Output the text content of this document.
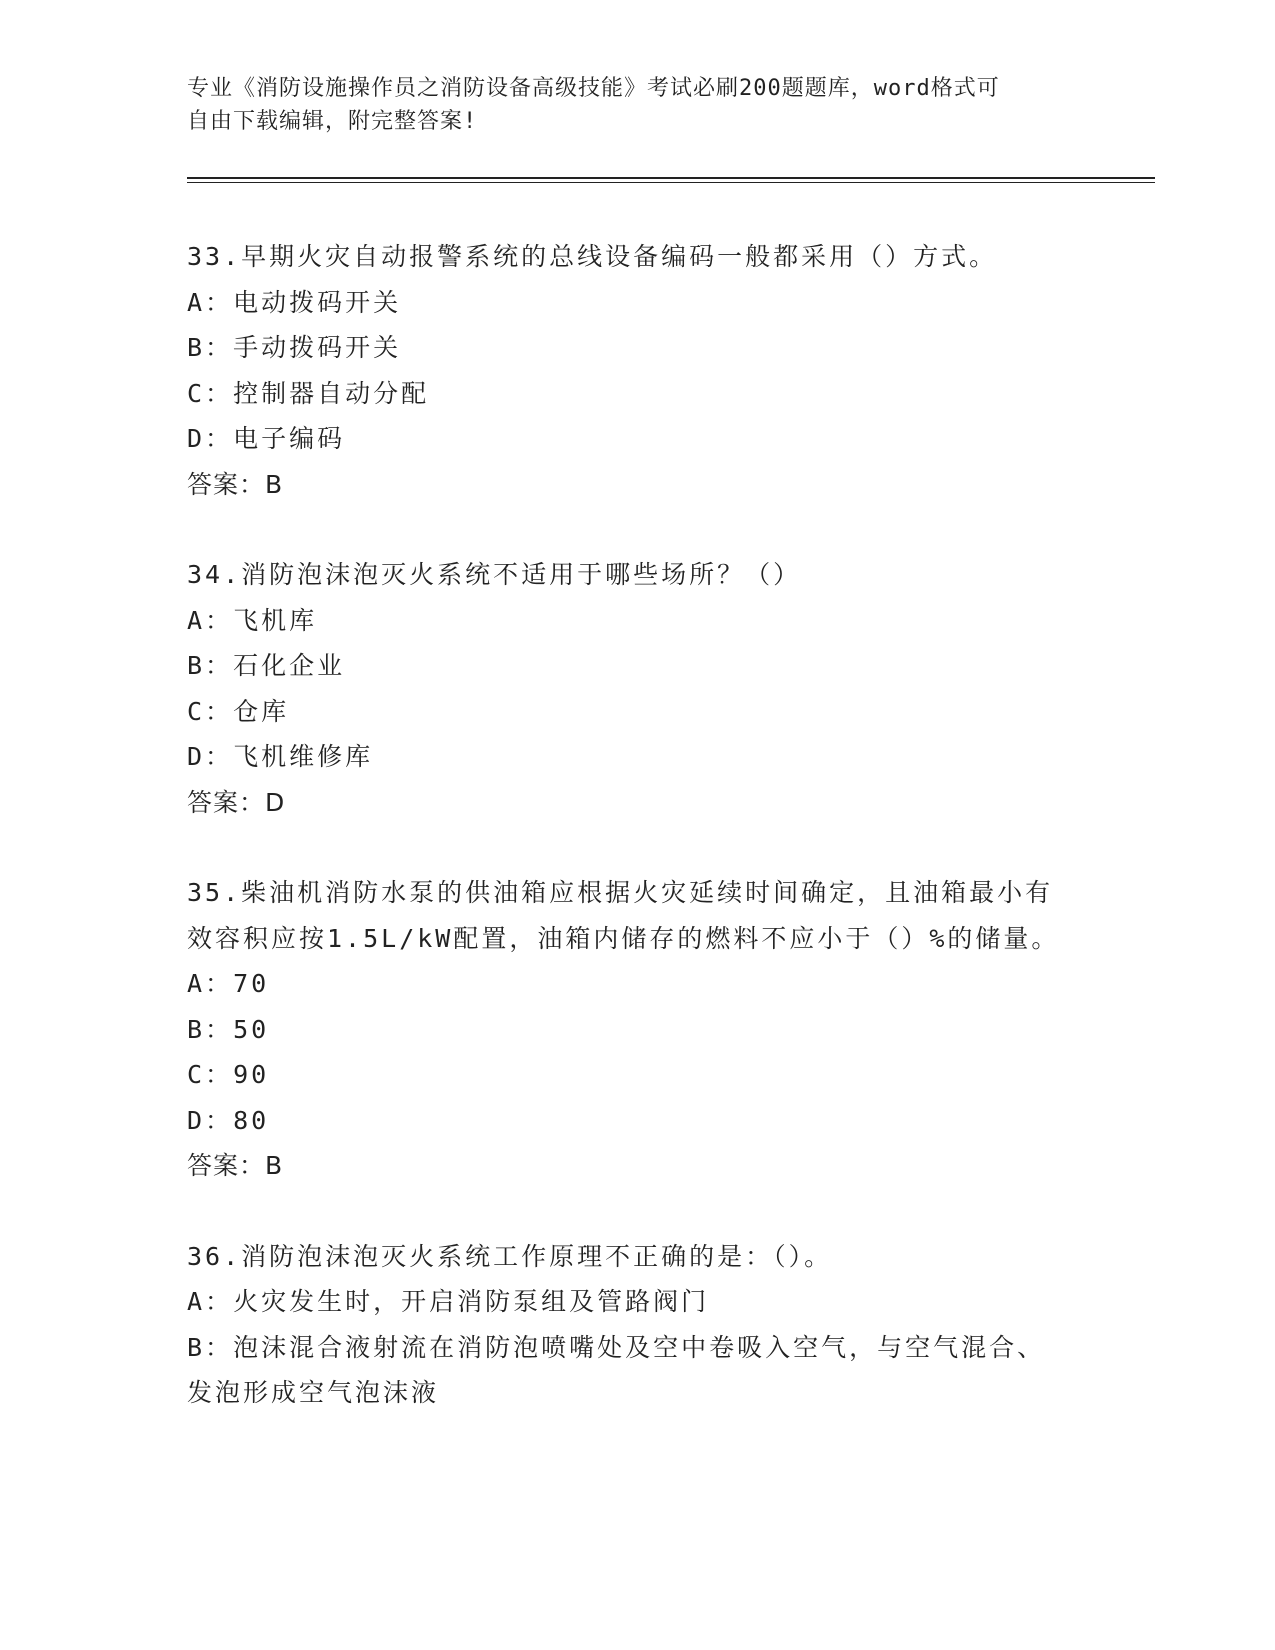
专业《消防设施操作员之消防设备高级技能》考试必刷200题题库，word格式可
自由下载编辑，附完整答案!
33.早期火灾自动报警系统的总线设备编码一般都采用（）方式。
A： 电动拨码开关
B： 手动拨码开关
C： 控制器自动分配
D： 电子编码
答案：B
34.消防泡沫泡灭火系统不适用于哪些场所？（）
A： 飞机库
B： 石化企业
C： 仓库
D： 飞机维修库
答案：D
35.柴油机消防水泵的供油箱应根据火灾延续时间确定，且油箱最小有
效容积应按1.5L/kW配置，油箱内储存的燃料不应小于（）%的储量。
A： 70
B： 50
C： 90
D： 80
答案：B
36.消防泡沫泡灭火系统工作原理不正确的是：（）。
A： 火灾发生时，开启消防泵组及管路阀门
B： 泡沫混合液射流在消防泡喷嘴处及空中卷吸入空气，与空气混合、
发泡形成空气泡沫液
